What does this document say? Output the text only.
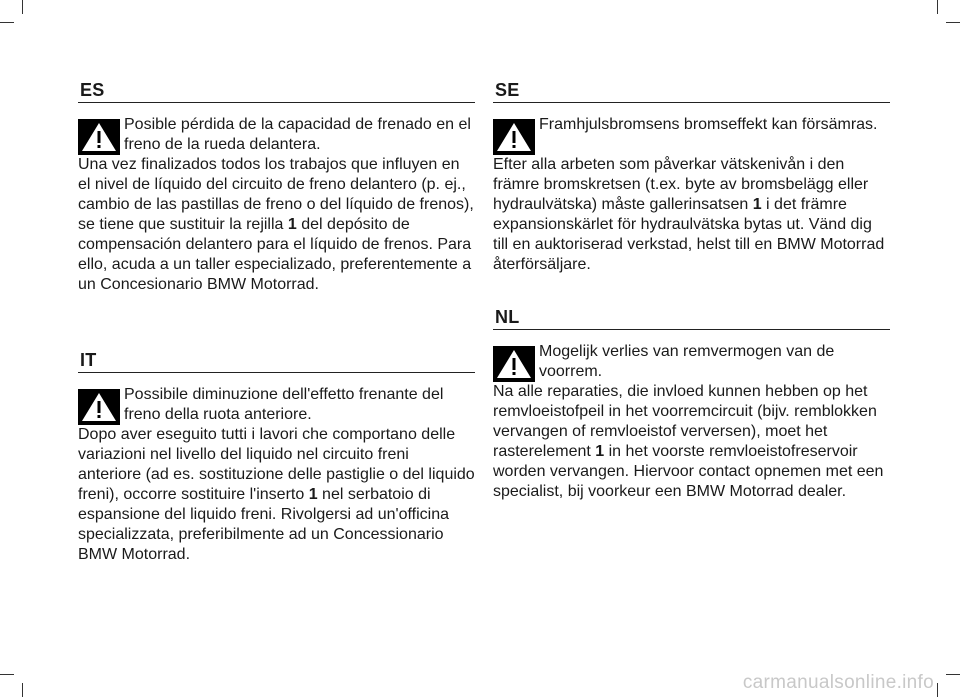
ES
Posible pérdida de la capacidad de frenado en el freno de la rueda delantera.
Una vez finalizados todos los trabajos que influyen en el nivel de líquido del circuito de freno delantero (p. ej., cambio de las pastillas de freno o del líquido de frenos), se tiene que sustituir la rejilla 1 del depósito de compensación delantero para el líquido de frenos. Para ello, acuda a un taller especializado, preferentemente a un Concesionario BMW Motorrad.
IT
Possibile diminuzione dell'effetto frenante del freno della ruota anteriore.
Dopo aver eseguito tutti i lavori che comportano delle variazioni nel livello del liquido nel circuito freni anteriore (ad es. sostituzione delle pastiglie o del liquido freni), occorre sostituire l'inserto 1 nel serbatoio di espansione del liquido freni. Rivolgersi ad un'officina specializzata, preferibilmente ad un Concessionario BMW Motorrad.
SE
Framhjulsbromsens bromseffekt kan försämras.
Efter alla arbeten som påverkar vätskenivån i den främre bromskretsen (t.ex. byte av bromsbelägg eller hydraulvätska) måste gallerinsatsen 1 i det främre expansionskärlet för hydraulvätska bytas ut. Vänd dig till en auktoriserad verkstad, helst till en BMW Motorrad återförsäljare.
NL
Mogelijk verlies van remvermogen van de voorrem.
Na alle reparaties, die invloed kunnen hebben op het remvloeistofpeil in het voorremcircuit (bijv. remblokken vervangen of remvloeistof verversen), moet het rasterelement 1 in het voorste remvloeistofreservoir worden vervangen. Hiervoor contact opnemen met een specialist, bij voorkeur een BMW Motorrad dealer.
carmanualsonline.info
